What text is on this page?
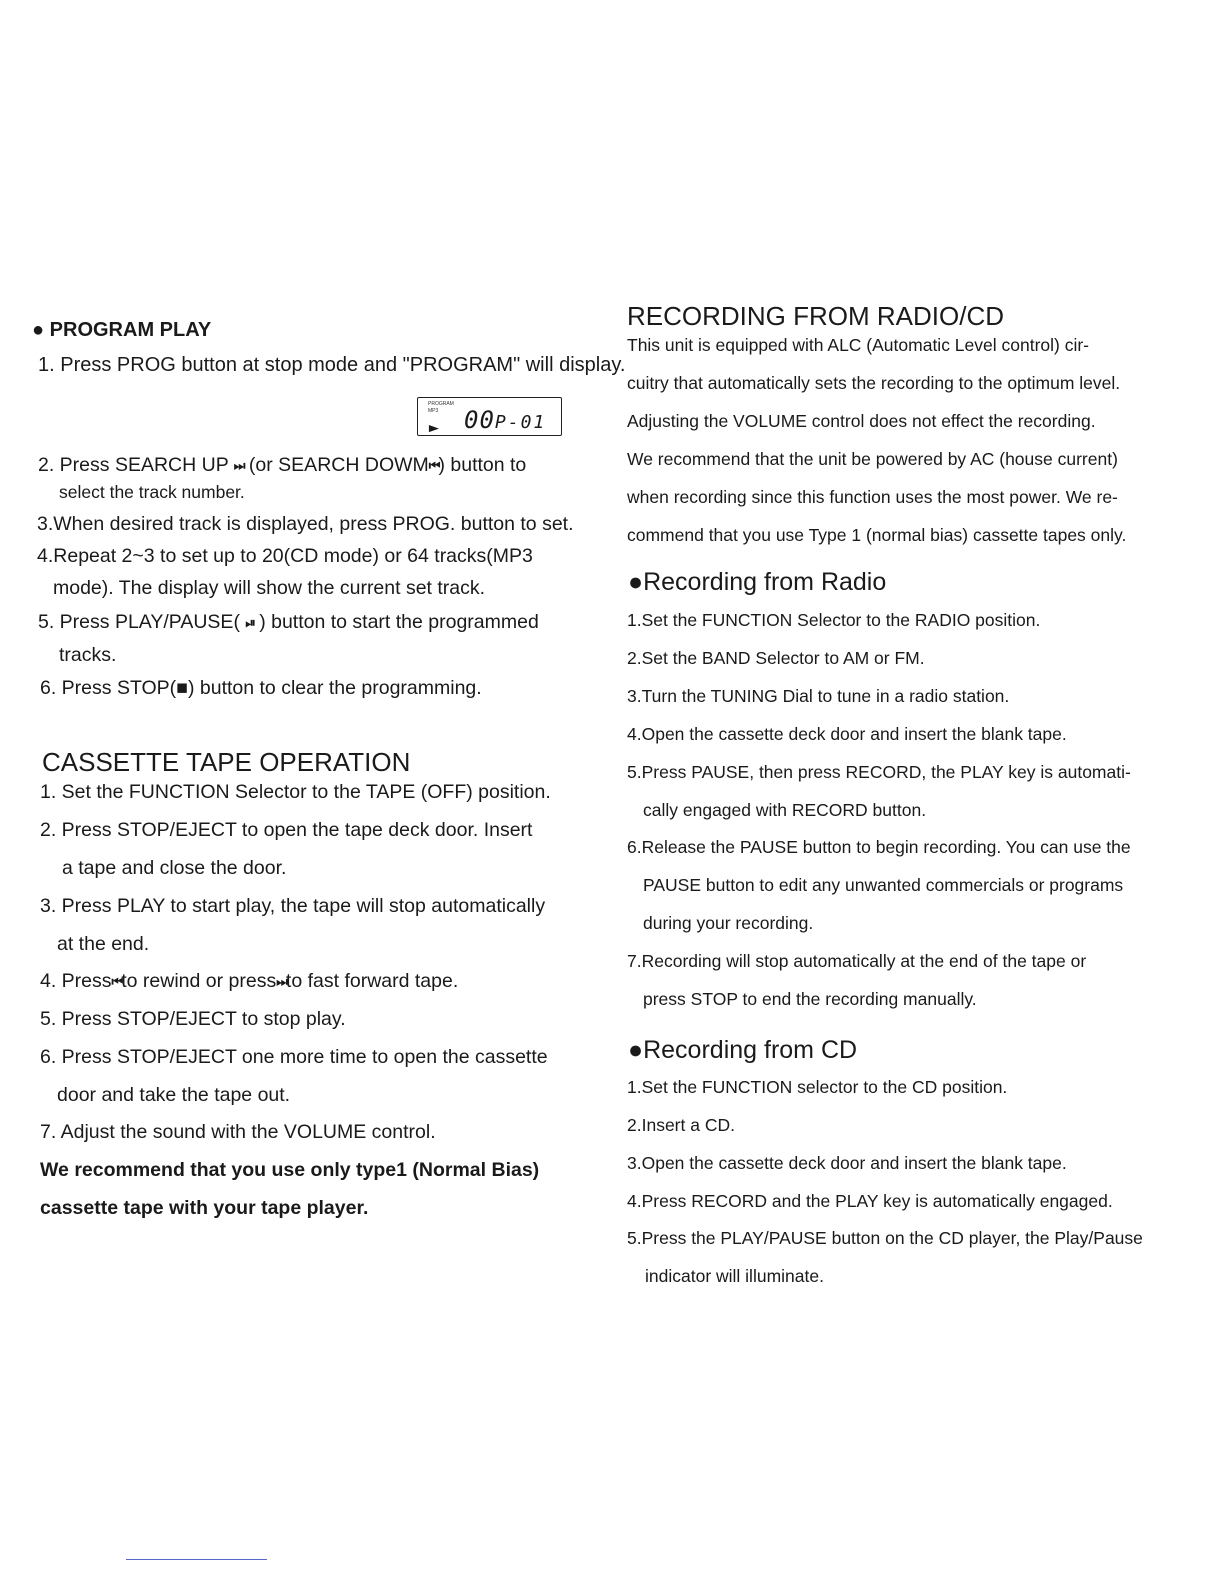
● PROGRAM PLAY
1. Press PROG button at stop mode and "PROGRAM" will display.
PROGRAM
MP3
► 00P-01
2. Press SEARCH UP ⏭ (or SEARCH DOWM⏮) button to
select the track number.
3.When desired track is displayed, press PROG. button to set.
4.Repeat 2~3 to set up to 20(CD mode) or 64 tracks(MP3
mode). The display will show the current set track.
5. Press PLAY/PAUSE( ⏯ ) button to start the programmed
tracks.
6. Press STOP(■) button to clear the programming.
CASSETTE TAPE OPERATION
1. Set the FUNCTION Selector to the TAPE (OFF) position.
2. Press STOP/EJECT to open the tape deck door. Insert
a tape and close the door.
3. Press PLAY to start play, the tape will stop automatically
at the end.
4. Press⏮to rewind or press⏭to fast forward tape.
5. Press STOP/EJECT to stop play.
6. Press STOP/EJECT one more time to open the cassette
door and take the tape out.
7. Adjust the sound with the VOLUME control.
We recommend that you use only type1 (Normal Bias)
cassette tape with your tape player.
RECORDING FROM RADIO/CD
This unit is equipped with ALC (Automatic Level control) cir-
cuitry that automatically sets the recording to the optimum level.
Adjusting the VOLUME control does not effect the recording.
We recommend that the unit be powered by AC (house current)
when recording since this function uses the most power. We re-
commend that you use Type 1 (normal bias) cassette tapes only.
●Recording from Radio
1.Set the FUNCTION Selector to the RADIO position.
2.Set the BAND Selector to AM or FM.
3.Turn the TUNING Dial to tune in a radio station.
4.Open the cassette deck door and insert the blank tape.
5.Press PAUSE, then press RECORD, the PLAY key is automati-
cally engaged with RECORD button.
6.Release the PAUSE button to begin recording. You can use the
PAUSE button to edit any unwanted commercials or programs
during your recording.
7.Recording will stop automatically at the end of the tape or
press STOP to end the recording manually.
●Recording from CD
1.Set the FUNCTION selector to the CD position.
2.Insert a CD.
3.Open the cassette deck door and insert the blank tape.
4.Press RECORD and the PLAY key is automatically engaged.
5.Press the PLAY/PAUSE button on the CD player, the Play/Pause
indicator will illuminate.
